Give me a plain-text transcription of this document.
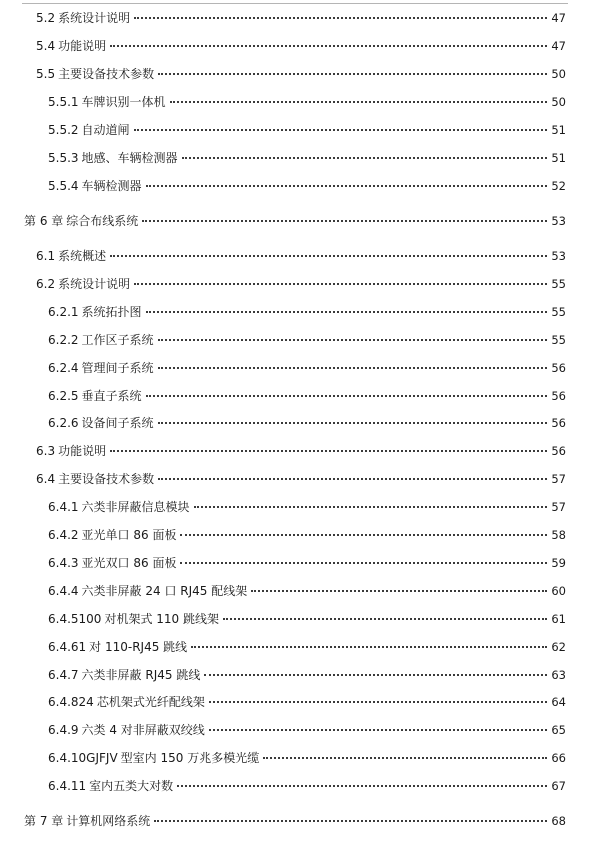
5.2 系统设计说明	47
5.4 功能说明	47
5.5 主要设备技术参数	50
5.5.1 车牌识别一体机	50
5.5.2 自动道闸	51
5.5.3 地感、车辆检测器	51
5.5.4 车辆检测器	52
第 6 章 综合布线系统	53
6.1 系统概述	53
6.2 系统设计说明	55
6.2.1 系统拓扑图	55
6.2.2 工作区子系统	55
6.2.4 管理间子系统	56
6.2.5 垂直子系统	56
6.2.6 设备间子系统	56
6.3 功能说明	56
6.4 主要设备技术参数	57
6.4.1 六类非屏蔽信息模块	57
6.4.2 亚光单口 86 面板	58
6.4.3 亚光双口 86 面板	59
6.4.4 六类非屏蔽 24 口 RJ45 配线架	60
6.4.5100 对机架式 110 跳线架	61
6.4.61 对 110-RJ45 跳线	62
6.4.7 六类非屏蔽 RJ45 跳线	63
6.4.824 芯机架式光纤配线架	64
6.4.9 六类 4 对非屏蔽双绞线	65
6.4.10GJFJV 型室内 150 万兆多模光缆	66
6.4.11 室内五类大对数	67
第 7 章 计算机网络系统	68
